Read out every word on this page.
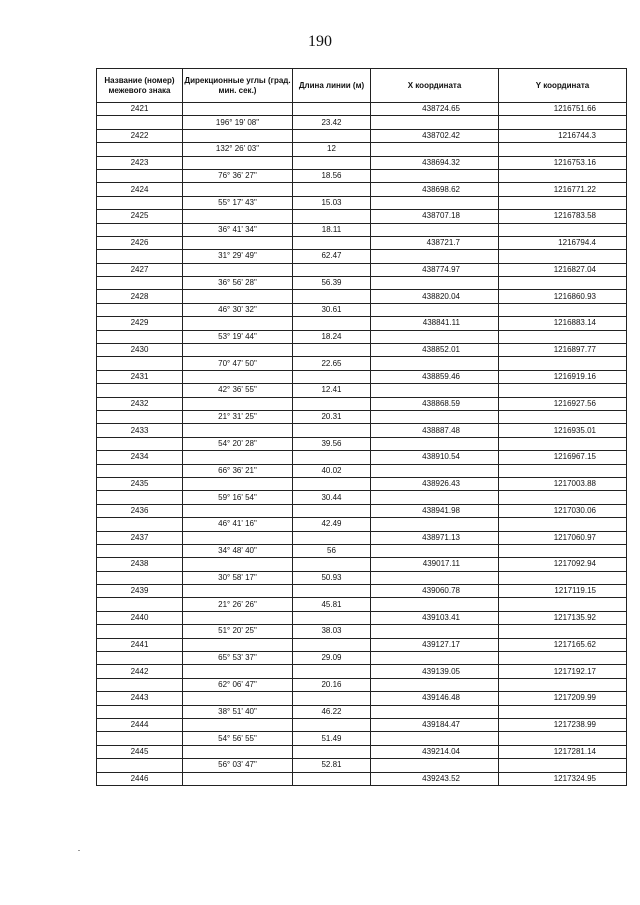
190
Название (номер) межевого знака	Дирекционные углы (град. мин. сек.)	Длина линии (м)	X координата	Y координата
2421			438724.65	1216751.66
	196° 19' 08"	23.42		
2422			438702.42	1216744.3
	132° 26' 03"	12		
2423			438694.32	1216753.16
	76° 36' 27"	18.56		
2424			438698.62	1216771.22
	55° 17' 43"	15.03		
2425			438707.18	1216783.58
	36° 41' 34"	18.11		
2426			438721.7	1216794.4
	31° 29' 49"	62.47		
2427			438774.97	1216827.04
	36° 56' 28"	56.39		
2428			438820.04	1216860.93
	46° 30' 32"	30.61		
2429			438841.11	1216883.14
	53° 19' 44"	18.24		
2430			438852.01	1216897.77
	70° 47' 50"	22.65		
2431			438859.46	1216919.16
	42° 36' 55"	12.41		
2432			438868.59	1216927.56
	21° 31' 25"	20.31		
2433			438887.48	1216935.01
	54° 20' 28"	39.56		
2434			438910.54	1216967.15
	66° 36' 21"	40.02		
2435			438926.43	1217003.88
	59° 16' 54"	30.44		
2436			438941.98	1217030.06
	46° 41' 16"	42.49		
2437			438971.13	1217060.97
	34° 48' 40"	56		
2438			439017.11	1217092.94
	30° 58' 17"	50.93		
2439			439060.78	1217119.15
	21° 26' 26"	45.81		
2440			439103.41	1217135.92
	51° 20' 25"	38.03		
2441			439127.17	1217165.62
	65° 53' 37"	29.09		
2442			439139.05	1217192.17
	62° 06' 47"	20.16		
2443			439146.48	1217209.99
	38° 51' 40"	46.22		
2444			439184.47	1217238.99
	54° 56' 55"	51.49		
2445			439214.04	1217281.14
	56° 03' 47"	52.81		
2446			439243.52	1217324.95
